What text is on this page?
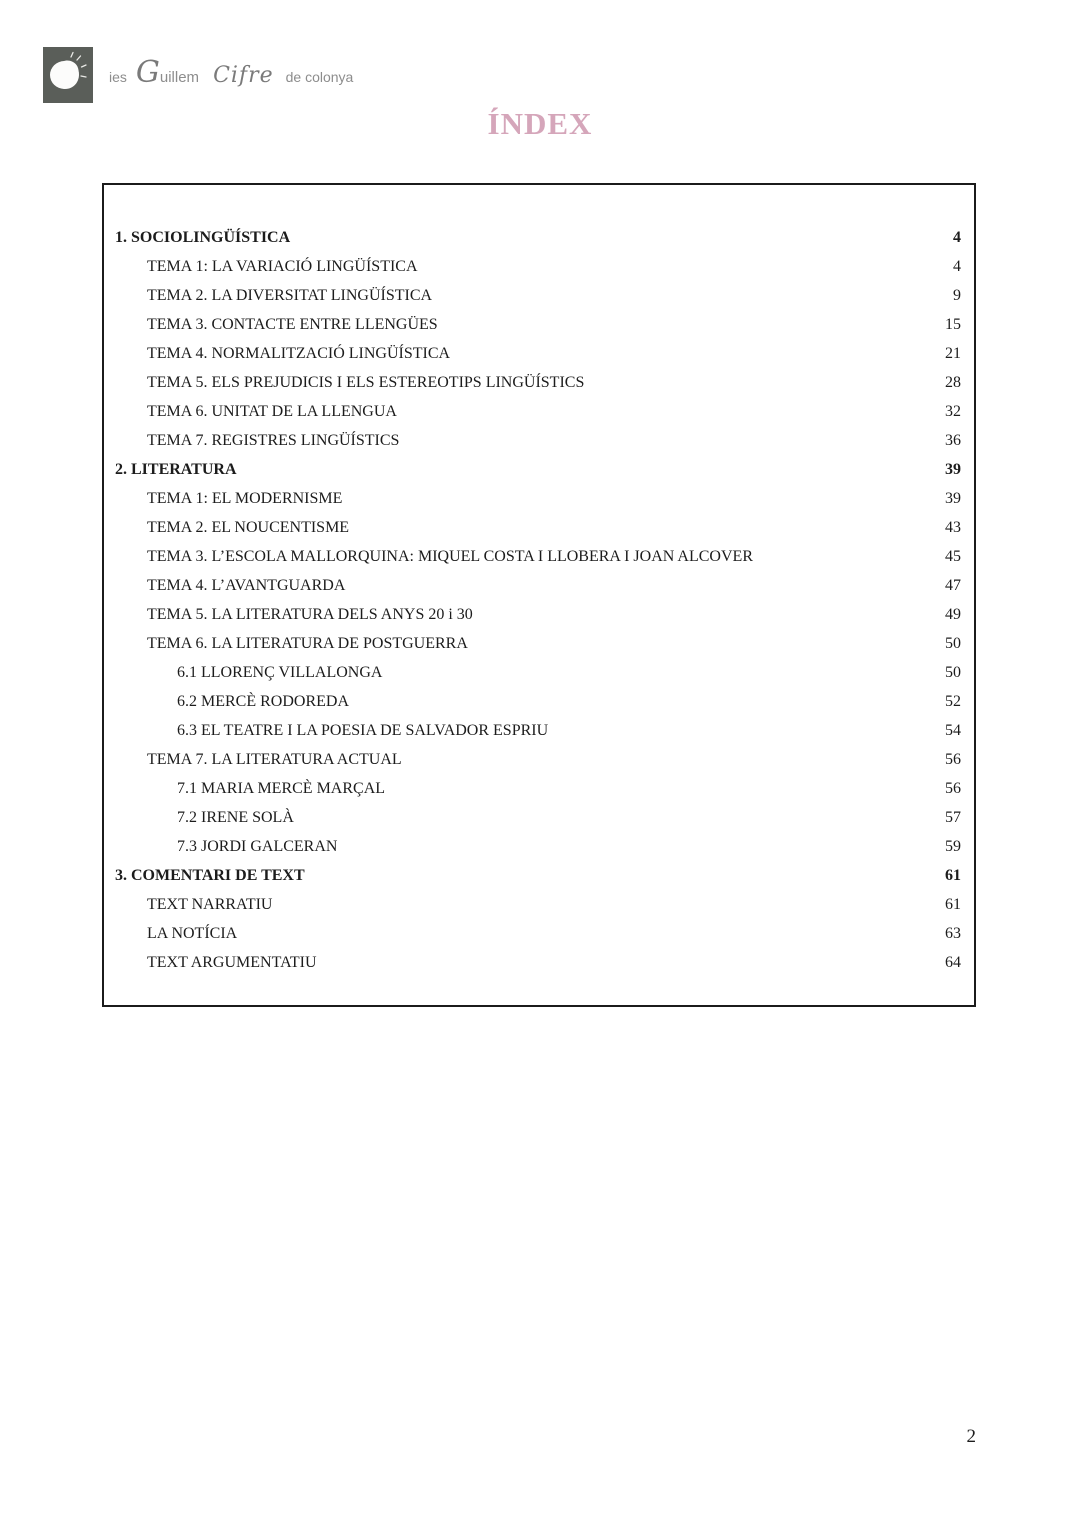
ies G uillem Cifre de colonya
ÍNDEX
1. SOCIOLINGÜÍSTICA	4
TEMA 1: LA VARIACIÓ LINGÜÍSTICA	4
TEMA 2. LA DIVERSITAT LINGÜÍSTICA	9
TEMA 3. CONTACTE ENTRE LLENGÜES	15
TEMA 4. NORMALITZACIÓ LINGÜÍSTICA	21
TEMA 5. ELS PREJUDICIS I ELS ESTEREOTIPS LINGÜÍSTICS	28
TEMA 6. UNITAT DE LA LLENGUA	32
TEMA 7. REGISTRES LINGÜÍSTICS	36
2. LITERATURA	39
TEMA 1: EL MODERNISME	39
TEMA 2. EL NOUCENTISME	43
TEMA 3. L’ESCOLA MALLORQUINA: MIQUEL COSTA I LLOBERA I JOAN ALCOVER	45
TEMA 4. L’AVANTGUARDA	47
TEMA 5. LA LITERATURA DELS ANYS 20 i 30	49
TEMA 6. LA LITERATURA DE POSTGUERRA	50
6.1 LLORENÇ VILLALONGA	50
6.2 MERCÈ RODOREDA	52
6.3 EL TEATRE I LA POESIA DE SALVADOR ESPRIU	54
TEMA 7. LA LITERATURA ACTUAL	56
7.1 MARIA MERCÈ MARÇAL	56
7.2 IRENE SOLÀ	57
7.3 JORDI GALCERAN	59
3. COMENTARI DE TEXT	61
TEXT NARRATIU	61
LA NOTÍCIA	63
TEXT ARGUMENTATIU	64
2
